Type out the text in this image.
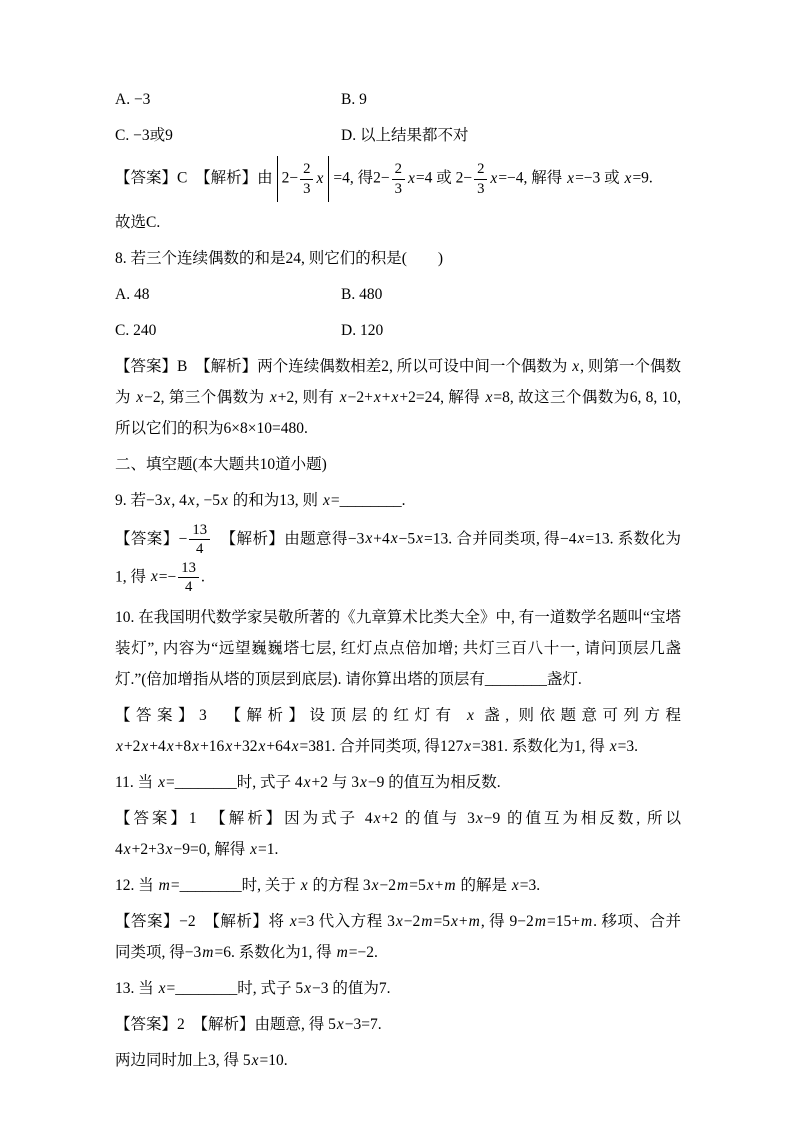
A. −3	B. 9
C. −3或9	D. 以上结果都不对

【答案】C　【解析】由 $2- \frac{2}{3}$ x =4, 得$2- \frac{2}{3} x=4$ 或 $2- \frac{2}{3} x=-4$, 解得 x=−3 或 x=9.

故选C.

8. 若三个连续偶数的和是24, 则它们的积是(　　)

A. 48	B. 480
C. 240	D. 120

【答案】B　【解析】两个连续偶数相差2, 所以可设中间一个偶数为 x, 则第一个偶数为 x−2, 第三个偶数为 x+2, 则有 x−2+x+x+2=24, 解得 x=8, 故这三个偶数为6, 8, 10, 所以它们的积为6×8×10=480.

二、填空题(本大题共10道小题)

9. 若−3x, 4x, −5x 的和为13, 则 x=________.

【答案】− $\frac{13}{4}$ 　【解析】由题意得−3x+4x−5x=13. 合并同类项, 得−4x=13. 系数化为1, 得 $x=- \frac{13}{4}$ .

10. 在我国明代数学家吴敬所著的《九章算术比类大全》中, 有一道数学名题叫“宝塔装灯”, 内容为“远望巍巍塔七层, 红灯点点倍加增; 共灯三百八十一, 请问顶层几盏灯.”(倍加增指从塔的顶层到底层). 请你算出塔的顶层有________盏灯.

【答案】3　【解析】设顶层的红灯有 x 盏, 则依题意可列方程 x+2x+4x+8x+16x+32x+64x=381. 合并同类项, 得127x=381. 系数化为1, 得 x=3.

11. 当 x=________时, 式子 4x+2 与 3x−9 的值互为相反数.

【答案】1　【解析】因为式子 4x+2 的值与 3x−9 的值互为相反数, 所以 4x+2+3x−9=0, 解得 x=1.

12. 当 m=________时, 关于 x 的方程 3x−2m=5x+m 的解是 x=3.

【答案】−2　【解析】将 x=3 代入方程 3x−2m=5x+m, 得 9−2m=15+m. 移项、合并同类项, 得−3m=6. 系数化为1, 得 m=−2.

13. 当 x=________时, 式子 5x−3 的值为7.

【答案】2　【解析】由题意, 得 5x−3=7.

两边同时加上3, 得 5x=10.
